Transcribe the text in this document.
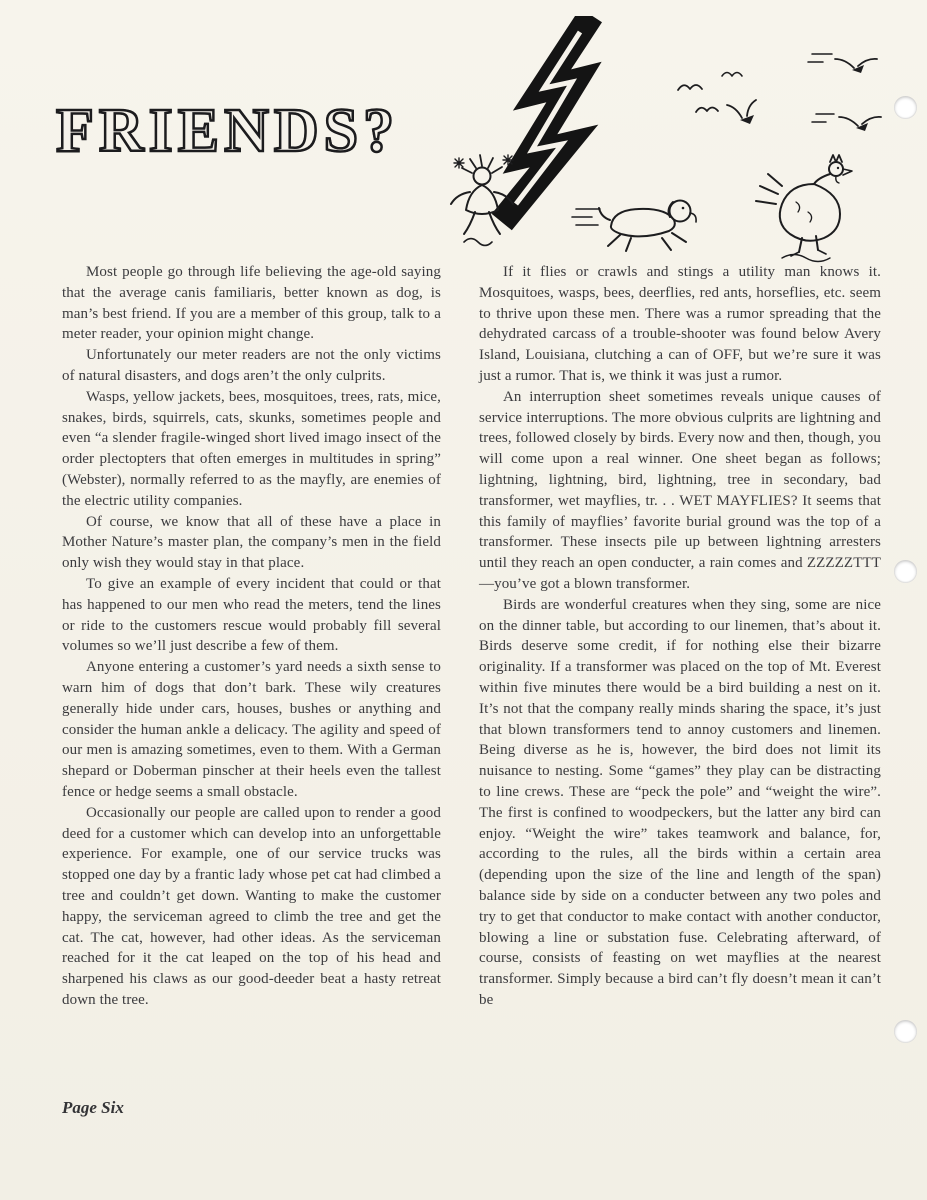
FRIENDS?

Most people go through life believing the age-old saying that the average canis familiaris, better known as dog, is man’s best friend. If you are a member of this group, talk to a meter reader, your opinion might change.

Unfortunately our meter readers are not the only victims of natural disasters, and dogs aren’t the only culprits.

Wasps, yellow jackets, bees, mosquitoes, trees, rats, mice, snakes, birds, squirrels, cats, skunks, sometimes people and even “a slender fragile-winged short lived imago insect of the order plectopters that often emerges in multitudes in spring” (Webster), normally referred to as the mayfly, are enemies of the electric utility companies.

Of course, we know that all of these have a place in Mother Nature’s master plan, the company’s men in the field only wish they would stay in that place.

To give an example of every incident that could or that has happened to our men who read the meters, tend the lines or ride to the customers rescue would probably fill several volumes so we’ll just describe a few of them.

Anyone entering a customer’s yard needs a sixth sense to warn him of dogs that don’t bark. These wily creatures generally hide under cars, houses, bushes or anything and consider the human ankle a delicacy. The agility and speed of our men is amazing sometimes, even to them. With a German shepard or Doberman pinscher at their heels even the tallest fence or hedge seems a small obstacle.

Occasionally our people are called upon to render a good deed for a customer which can develop into an unforgettable experience. For example, one of our service trucks was stopped one day by a frantic lady whose pet cat had climbed a tree and couldn’t get down. Wanting to make the customer happy, the serviceman agreed to climb the tree and get the cat. The cat, however, had other ideas. As the serviceman reached for it the cat leaped on the top of his head and sharpened his claws as our good-deeder beat a hasty retreat down the tree.

If it flies or crawls and stings a utility man knows it. Mosquitoes, wasps, bees, deerflies, red ants, horseflies, etc. seem to thrive upon these men. There was a rumor spreading that the dehydrated carcass of a trouble-shooter was found below Avery Island, Louisiana, clutching a can of OFF, but we’re sure it was just a rumor. That is, we think it was just a rumor.

An interruption sheet sometimes reveals unique causes of service interruptions. The more obvious culprits are lightning and trees, followed closely by birds. Every now and then, though, you will come upon a real winner. One sheet began as follows; lightning, lightning, bird, lightning, tree in secondary, bad transformer, wet mayflies, tr. . . WET MAYFLIES? It seems that this family of mayflies’ favorite burial ground was the top of a transformer. These insects pile up between lightning arresters until they reach an open conducter, a rain comes and ZZZZZTTT—you’ve got a blown transformer.

Birds are wonderful creatures when they sing, some are nice on the dinner table, but according to our linemen, that’s about it. Birds deserve some credit, if for nothing else their bizarre originality. If a transformer was placed on the top of Mt. Everest within five minutes there would be a bird building a nest on it. It’s not that the company really minds sharing the space, it’s just that blown transformers tend to annoy customers and linemen. Being diverse as he is, however, the bird does not limit its nuisance to nesting. Some “games” they play can be distracting to line crews. These are “peck the pole” and “weight the wire”. The first is confined to woodpeckers, but the latter any bird can enjoy. “Weight the wire” takes teamwork and balance, for, according to the rules, all the birds within a certain area (depending upon the size of the line and length of the span) balance side by side on a conducter between any two poles and try to get that conductor to make contact with another conductor, blowing a line or substation fuse. Celebrating afterward, of course, consists of feasting on wet mayflies at the nearest transformer. Simply because a bird can’t fly doesn’t mean it can’t be

Page Six
